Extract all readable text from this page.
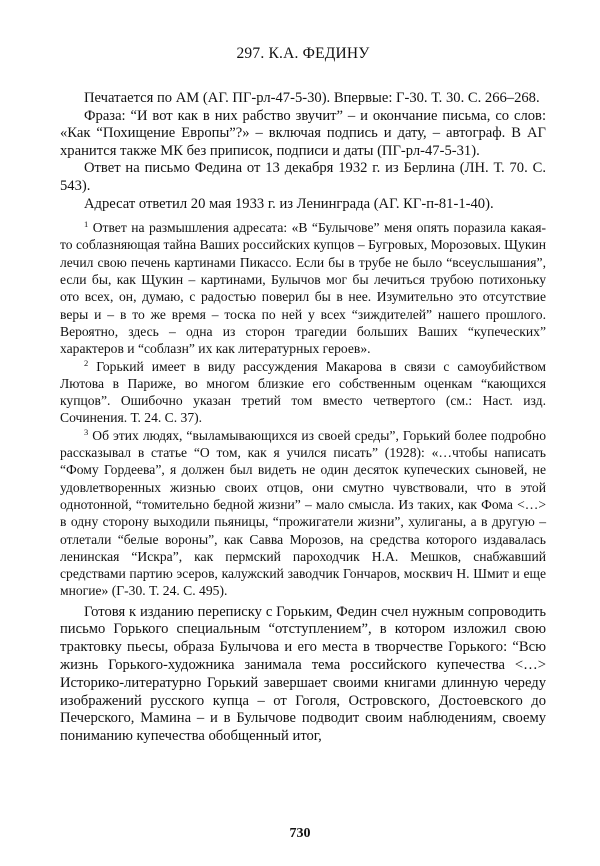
297. К.А. ФЕДИНУ

Печатается по АМ (АГ. ПГ-рл-47-5-30). Впервые: Г-30. Т. 30. С. 266–268.

Фраза: “И вот как в них рабство звучит” – и окончание письма, со слов: «Как “Похищение Европы”?» – включая подпись и дату, – автограф. В АГ хранится также МК без приписок, подписи и даты (ПГ-рл-47-5-31).

Ответ на письмо Федина от 13 декабря 1932 г. из Берлина (ЛН. Т. 70. С. 543).

Адресат ответил 20 мая 1933 г. из Ленинграда (АГ. КГ-п-81-1-40).

$^1$ Ответ на размышления адресата: «В “Булычове” меня опять поразила какая-то соблазняющая тайна Ваших российских купцов – Бугровых, Морозовых. Щукин лечил свою печень картинами Пикассо. Если бы в трубе не было “всеуслышания”, если бы, как Щукин – картинами, Булычов мог бы лечиться трубою потихоньку ото всех, он, думаю, с радостью поверил бы в нее. Изумительно это отсутствие веры и – в то же время – тоска по ней у всех “зиждителей” нашего прошлого. Вероятно, здесь – одна из сторон трагедии больших Ваших “купеческих” характеров и “соблазн” их как литературных героев».

$^2$ Горький имеет в виду рассуждения Макарова в связи с самоубийством Лютова в Париже, во многом близкие его собственным оценкам “кающихся купцов”. Ошибочно указан третий том вместо четвертого (см.: Наст. изд. Сочинения. Т. 24. С. 37).

$^3$ Об этих людях, “выламывающихся из своей среды”, Горький более подробно рассказывал в статье “О том, как я учился писать” (1928): «…чтобы написать “Фому Гордеева”, я должен был видеть не один десяток купеческих сыновей, не удовлетворенных жизнью своих отцов, они смутно чувствовали, что в этой однотонной, “томительно бедной жизни” – мало смысла. Из таких, как Фома <…> в одну сторону выходили пьяницы, “прожигатели жизни”, хулиганы, а в другую – отлетали “белые вороны”, как Савва Морозов, на средства которого издавалась ленинская “Искра”, как пермский пароходчик Н.А. Мешков, снабжавший средствами партию эсеров, калужский заводчик Гончаров, москвич Н. Шмит и еще многие» (Г-30. Т. 24. С. 495).

Готовя к изданию переписку с Горьким, Федин счел нужным сопроводить письмо Горького специальным “отступлением”, в котором изложил свою трактовку пьесы, образа Булычова и его места в творчестве Горького: “Всю жизнь Горького-художника занимала тема российского купечества <…> Историко-литературно Горький завершает своими книгами длинную череду изображений русского купца – от Гоголя, Островского, Достоевского до Печерского, Мамина – и в Булычове подводит своим наблюдениям, своему пониманию купечества обобщенный итог,

730
